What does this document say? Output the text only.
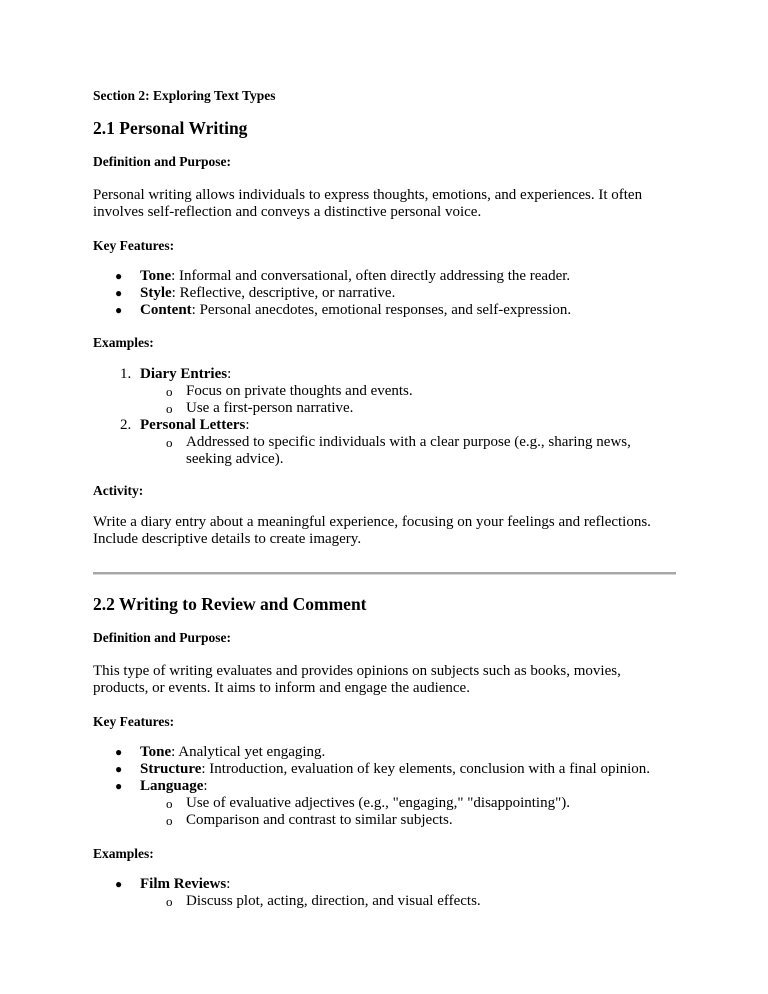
Section 2: Exploring Text Types

2.1 Personal Writing

Definition and Purpose:

Personal writing allows individuals to express thoughts, emotions, and experiences. It often involves self-reflection and conveys a distinctive personal voice.

Key Features:

● Tone: Informal and conversational, often directly addressing the reader.
● Style: Reflective, descriptive, or narrative.
● Content: Personal anecdotes, emotional responses, and self-expression.

Examples:

1. Diary Entries:
o Focus on private thoughts and events.
o Use a first-person narrative.
2. Personal Letters:
o Addressed to specific individuals with a clear purpose (e.g., sharing news,
seeking advice).

Activity:

Write a diary entry about a meaningful experience, focusing on your feelings and reflections. Include descriptive details to create imagery.

2.2 Writing to Review and Comment

Definition and Purpose:

This type of writing evaluates and provides opinions on subjects such as books, movies, products, or events. It aims to inform and engage the audience.

Key Features:

● Tone: Analytical yet engaging.
● Structure: Introduction, evaluation of key elements, conclusion with a final opinion.
● Language:
o Use of evaluative adjectives (e.g., "engaging," "disappointing").
o Comparison and contrast to similar subjects.

Examples:

● Film Reviews:
o Discuss plot, acting, direction, and visual effects.
